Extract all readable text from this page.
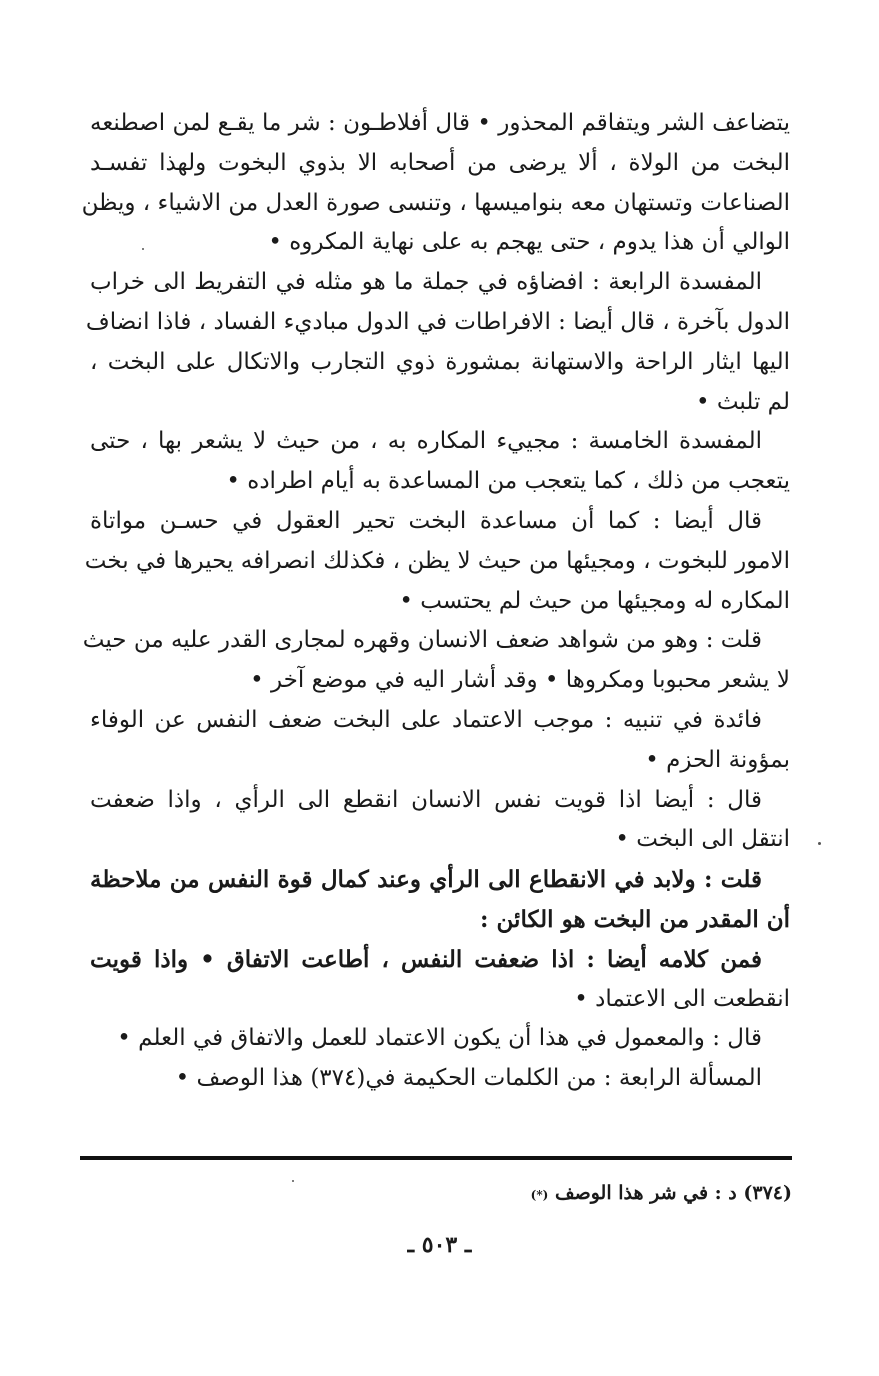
يتضاعف الشر ويتفاقم المحذور • قال أفلاطـون : شر ما يقـع لمن اصطنعه
البخت من الولاة ، ألا يرضى من أصحابه الا بذوي البخوت ولهذا تفسـد
الصناعات وتستهان معه بنواميسها ، وتنسى صورة العدل من الاشياء ، ويظن
الوالي أن هذا يدوم ، حتى يهجم به على نهاية المكروه •
المفسدة الرابعة : افضاؤه في جملة ما هو مثله في التفريط الى خراب
الدول بآخرة ، قال أيضا : الافراطات في الدول مباديء الفساد ، فاذا انضاف
اليها ايثار الراحة والاستهانة بمشورة ذوي التجارب والاتكال على البخت ،
لم تلبث •
المفسدة الخامسة : مجييء المكاره به ، من حيث لا يشعر بها ، حتى
يتعجب من ذلك ، كما يتعجب من المساعدة به أيام اطراده •
قال أيضا : كما أن مساعدة البخت تحير العقول في حسـن مواتاة
الامور للبخوت ، ومجيئها من حيث لا يظن ، فكذلك انصرافه يحيرها في بخت
المكاره له ومجيئها من حيث لم يحتسب •
قلت : وهو من شواهد ضعف الانسان وقهره لمجارى القدر عليه من حيث
لا يشعر محبوبا ومكروها • وقد أشار اليه في موضع آخر •
فائدة في تنبيه : موجب الاعتماد على البخت ضعف النفس عن الوفاء
بمؤونة الحزم •
قال : أيضا اذا قويت نفس الانسان انقطع الى الرأي ، واذا ضعفت
انتقل الى البخت •
قلت : ولابد في الانقطاع الى الرأي وعند كمال قوة النفس من ملاحظة
أن المقدر من البخت هو الكائن :
فمن كلامه أيضا : اذا ضعفت النفس ، أطاعت الاتفاق • واذا قويت
انقطعت الى الاعتماد •
قال : والمعمول في هذا أن يكون الاعتماد للعمل والاتفاق في العلم •
المسألة الرابعة : من الكلمات الحكيمة في(٣٧٤) هذا الوصف •
(٣٧٤) د : في شر هذا الوصف (*)
ـ ٥٠٣ ـ
